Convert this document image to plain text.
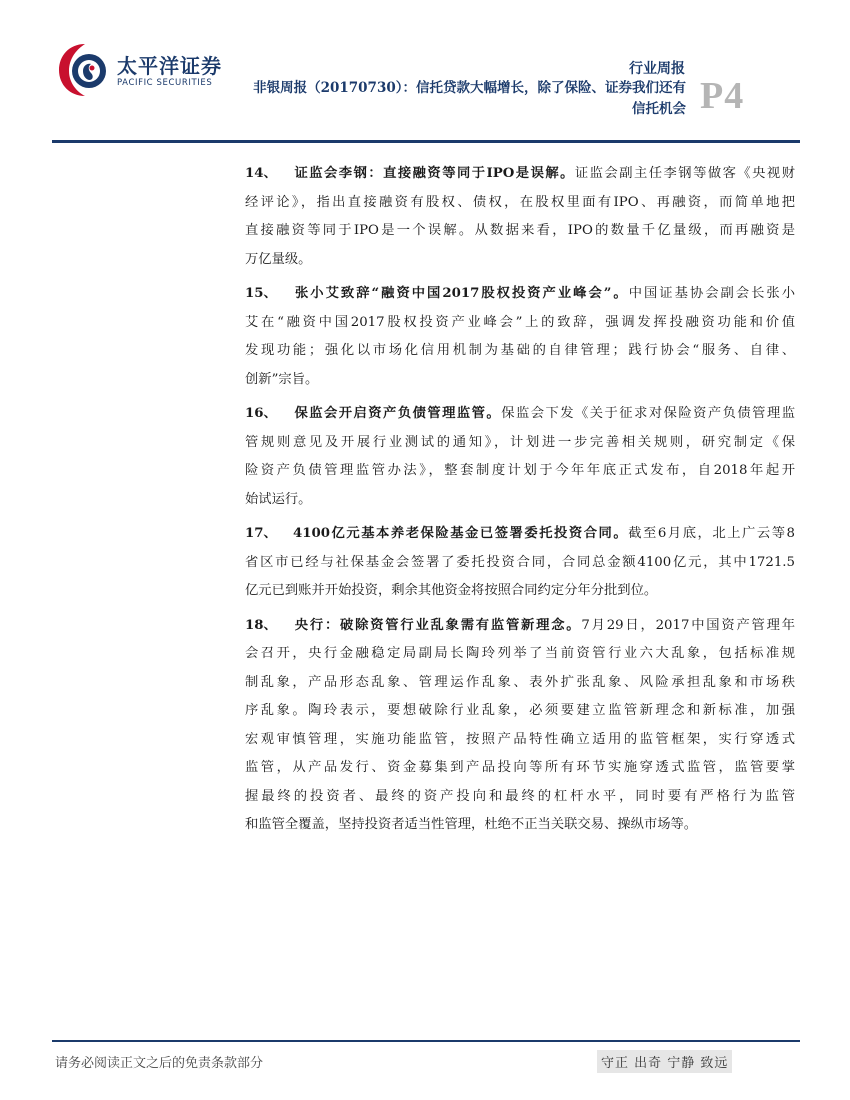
太平洋证券
PACIFIC SECURITIES
行业周报
非银周报（20170730）：信托贷款大幅增长，除了保险、证券我们还有
信托机会 P4
14、 证监会李钢：直接融资等同于IPO是误解。证监会副主任李钢等做客《央视财
经评论》，指出直接融资有股权、债权，在股权里面有IPO、再融资，而简单地把
直接融资等同于IPO是一个误解。从数据来看，IPO的数量千亿量级，而再融资是
万亿量级。
15、 张小艾致辞“融资中国2017股权投资产业峰会”。中国证基协会副会长张小
艾在“融资中国2017股权投资产业峰会”上的致辞，强调发挥投融资功能和价值
发现功能；强化以市场化信用机制为基础的自律管理；践行协会“服务、自律、
创新”宗旨。
16、 保监会开启资产负债管理监管。保监会下发《关于征求对保险资产负债管理监
管规则意见及开展行业测试的通知》，计划进一步完善相关规则，研究制定《保
险资产负债管理监管办法》，整套制度计划于今年年底正式发布，自2018年起开
始试运行。
17、 4100亿元基本养老保险基金已签署委托投资合同。截至6月底，北上广云等8
省区市已经与社保基金会签署了委托投资合同，合同总金额4100亿元，其中1721.5
亿元已到账并开始投资，剩余其他资金将按照合同约定分年分批到位。
18、 央行：破除资管行业乱象需有监管新理念。7月29日，2017中国资产管理年
会召开，央行金融稳定局副局长陶玲列举了当前资管行业六大乱象，包括标准规
制乱象，产品形态乱象、管理运作乱象、表外扩张乱象、风险承担乱象和市场秩
序乱象。陶玲表示，要想破除行业乱象，必须要建立监管新理念和新标准，加强
宏观审慎管理，实施功能监管，按照产品特性确立适用的监管框架，实行穿透式
监管，从产品发行、资金募集到产品投向等所有环节实施穿透式监管，监管要掌
握最终的投资者、最终的资产投向和最终的杠杆水平，同时要有严格行为监管
和监管全覆盖，坚持投资者适当性管理，杜绝不正当关联交易、操纵市场等。
请务必阅读正文之后的免责条款部分	守正 出奇 宁静 致远
